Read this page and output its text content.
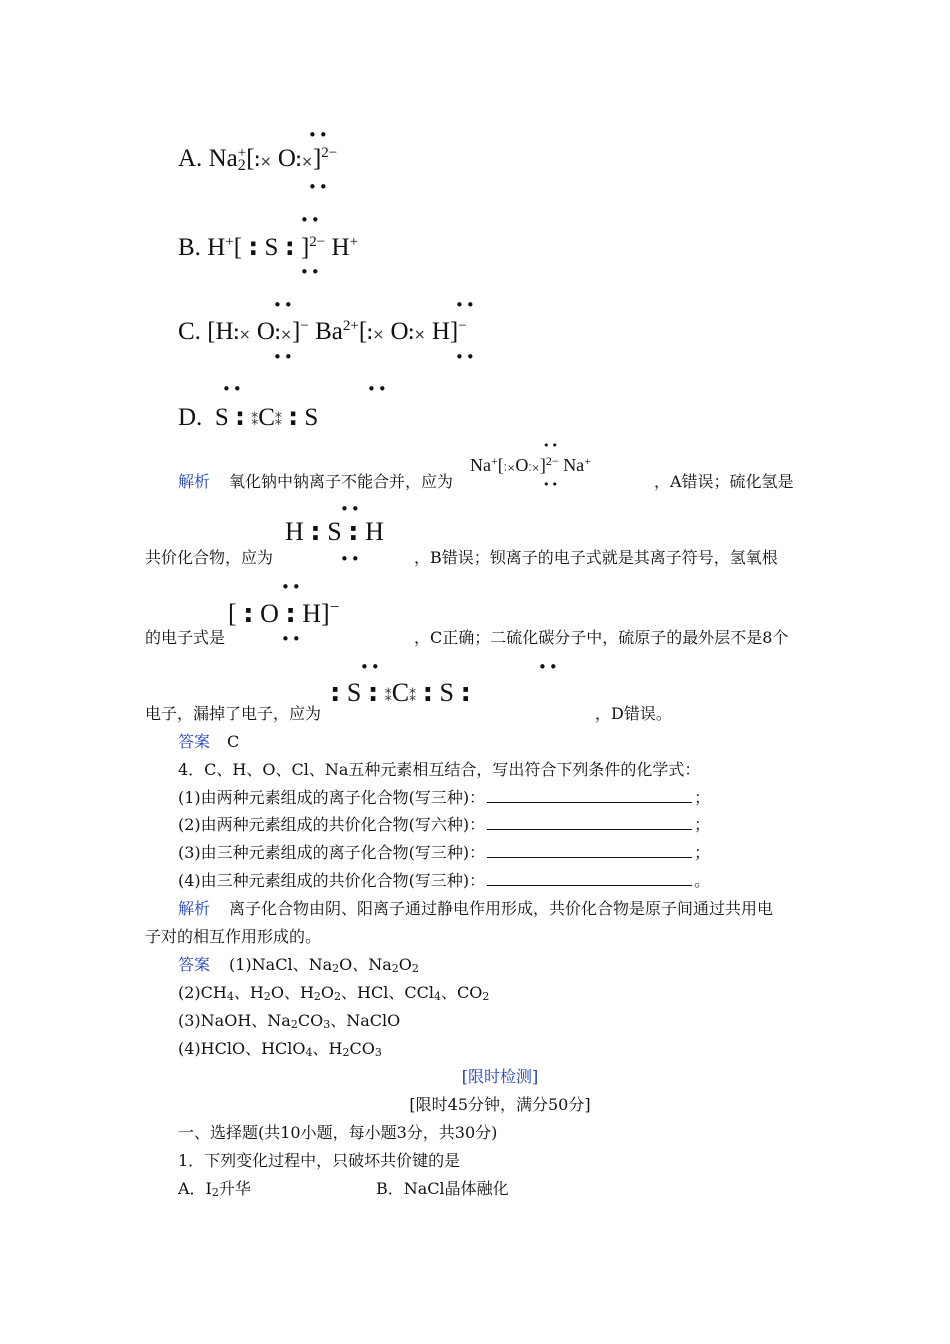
A. Na2+[⁚× O⁚×]$^{2-}$
••
••
B. H+[ : S : ]$^{2-}$ H+
••
••
C. [H⁚× O⁚×]− $Ba^{2+}[⁚\times$ O⁚× H]−
••
••
••
••
D. S : ⁑C⁑ : S
••	••
解析 氧化钠中钠离子不能合并，应为
Na+[⁚×O⁚×]$^{2-}$ Na+
••
••	，A错误；硫化氢是
H : S : H
••
••
共价化合物，应为	，B错误；钡离子的电子式就是其离子符号，氢氧根
[ : O : H]−
••
••
的电子式是	，C正确；二硫化碳分子中，硫原子的最外层不是8个
: S : ⁑C⁑ : S :
••	••
电子，漏掉了电子，应为	，D错误。
答案 C
4．C、H、O、Cl、Na五种元素相互结合，写出符合下列条件的化学式：
(1)由两种元素组成的离子化合物(写三种)：	；
(2)由两种元素组成的共价化合物(写六种)：	；
(3)由三种元素组成的离子化合物(写三种)：	；
(4)由三种元素组成的共价化合物(写三种)：	。
解析 离子化合物由阴、阳离子通过静电作用形成，共价化合物是原子间通过共用电
子对的相互作用形成的。
答案 (1)NaCl、$Na_2O$、$Na_2O_2$
$(2)CH_4$、$H_2O$、$H_2O_2$、HCl、CCl$_4$、$CO_2$
(3)NaOH、$Na_2CO_3$、NaClO
(4)HClO、HClO$_4$、$H_2CO_3$
[限时检测]
[限时45分钟，满分50分]
一、选择题(共10小题，每小题3分，共30分)
1．下列变化过程中，只破坏共价键的是
A．$I_2$升华	B．NaCl晶体融化
